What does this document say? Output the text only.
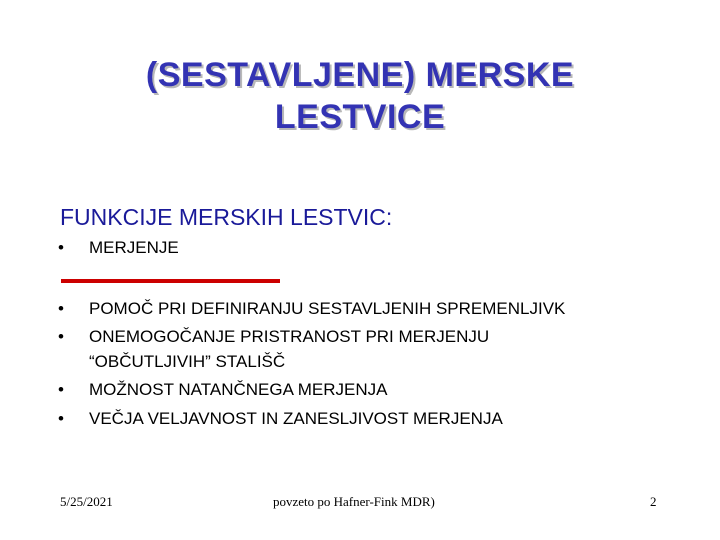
(SESTAVLJENE) MERSKE
LESTVICE
FUNKCIJE MERSKIH LESTVIC:
•	MERJENJE
•	POMOČ PRI DEFINIRANJU SESTAVLJENIH SPREMENLJIVK
•	ONEMOGOČANJE PRISTRANOST PRI MERJENJU
“OBČUTLJIVIH” STALIŠČ
•	MOŽNOST NATANČNEGA MERJENJA
•	VEČJA VELJAVNOST IN ZANESLJIVOST MERJENJA
5/25/2021	povzeto po Hafner-Fink MDR)	2
